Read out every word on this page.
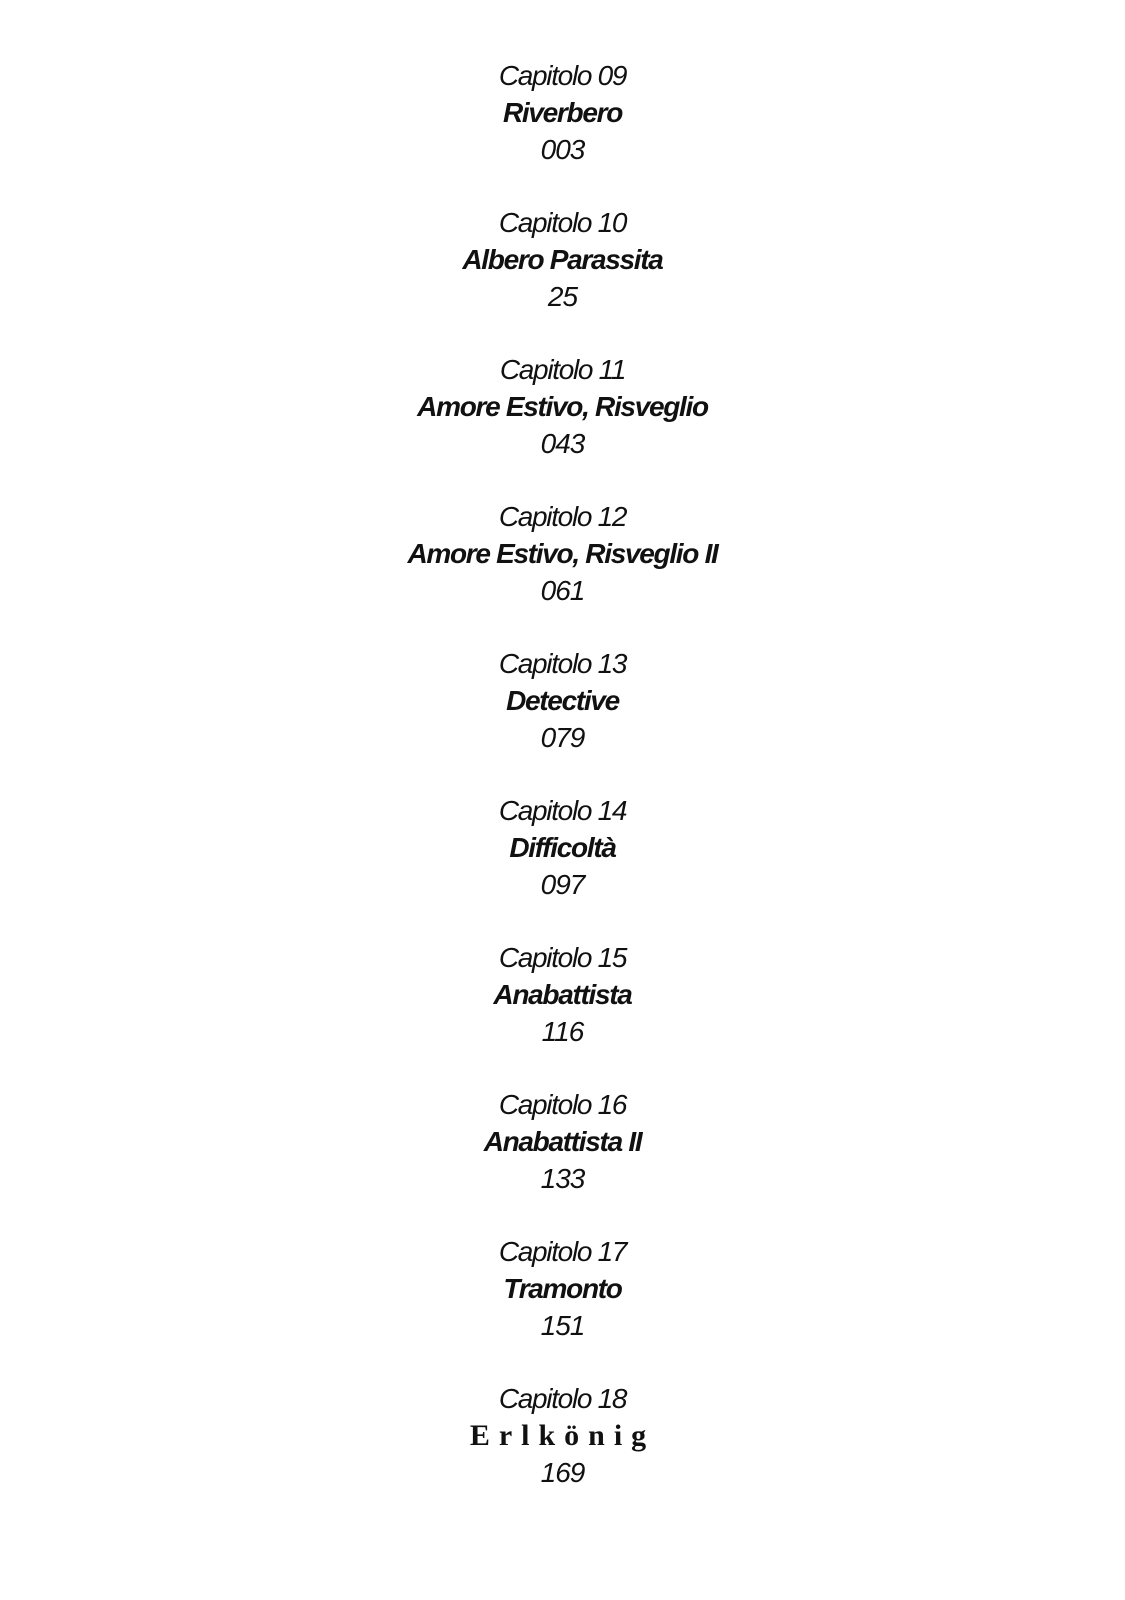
Capitolo 09
Riverbero
003
Capitolo 10
Albero Parassita
25
Capitolo 11
Amore Estivo, Risveglio
043
Capitolo 12
Amore Estivo, Risveglio II
061
Capitolo 13
Detective
079
Capitolo 14
Difficoltà
097
Capitolo 15
Anabattista
116
Capitolo 16
Anabattista II
133
Capitolo 17
Tramonto
151
Capitolo 18
Erlkönig
169
